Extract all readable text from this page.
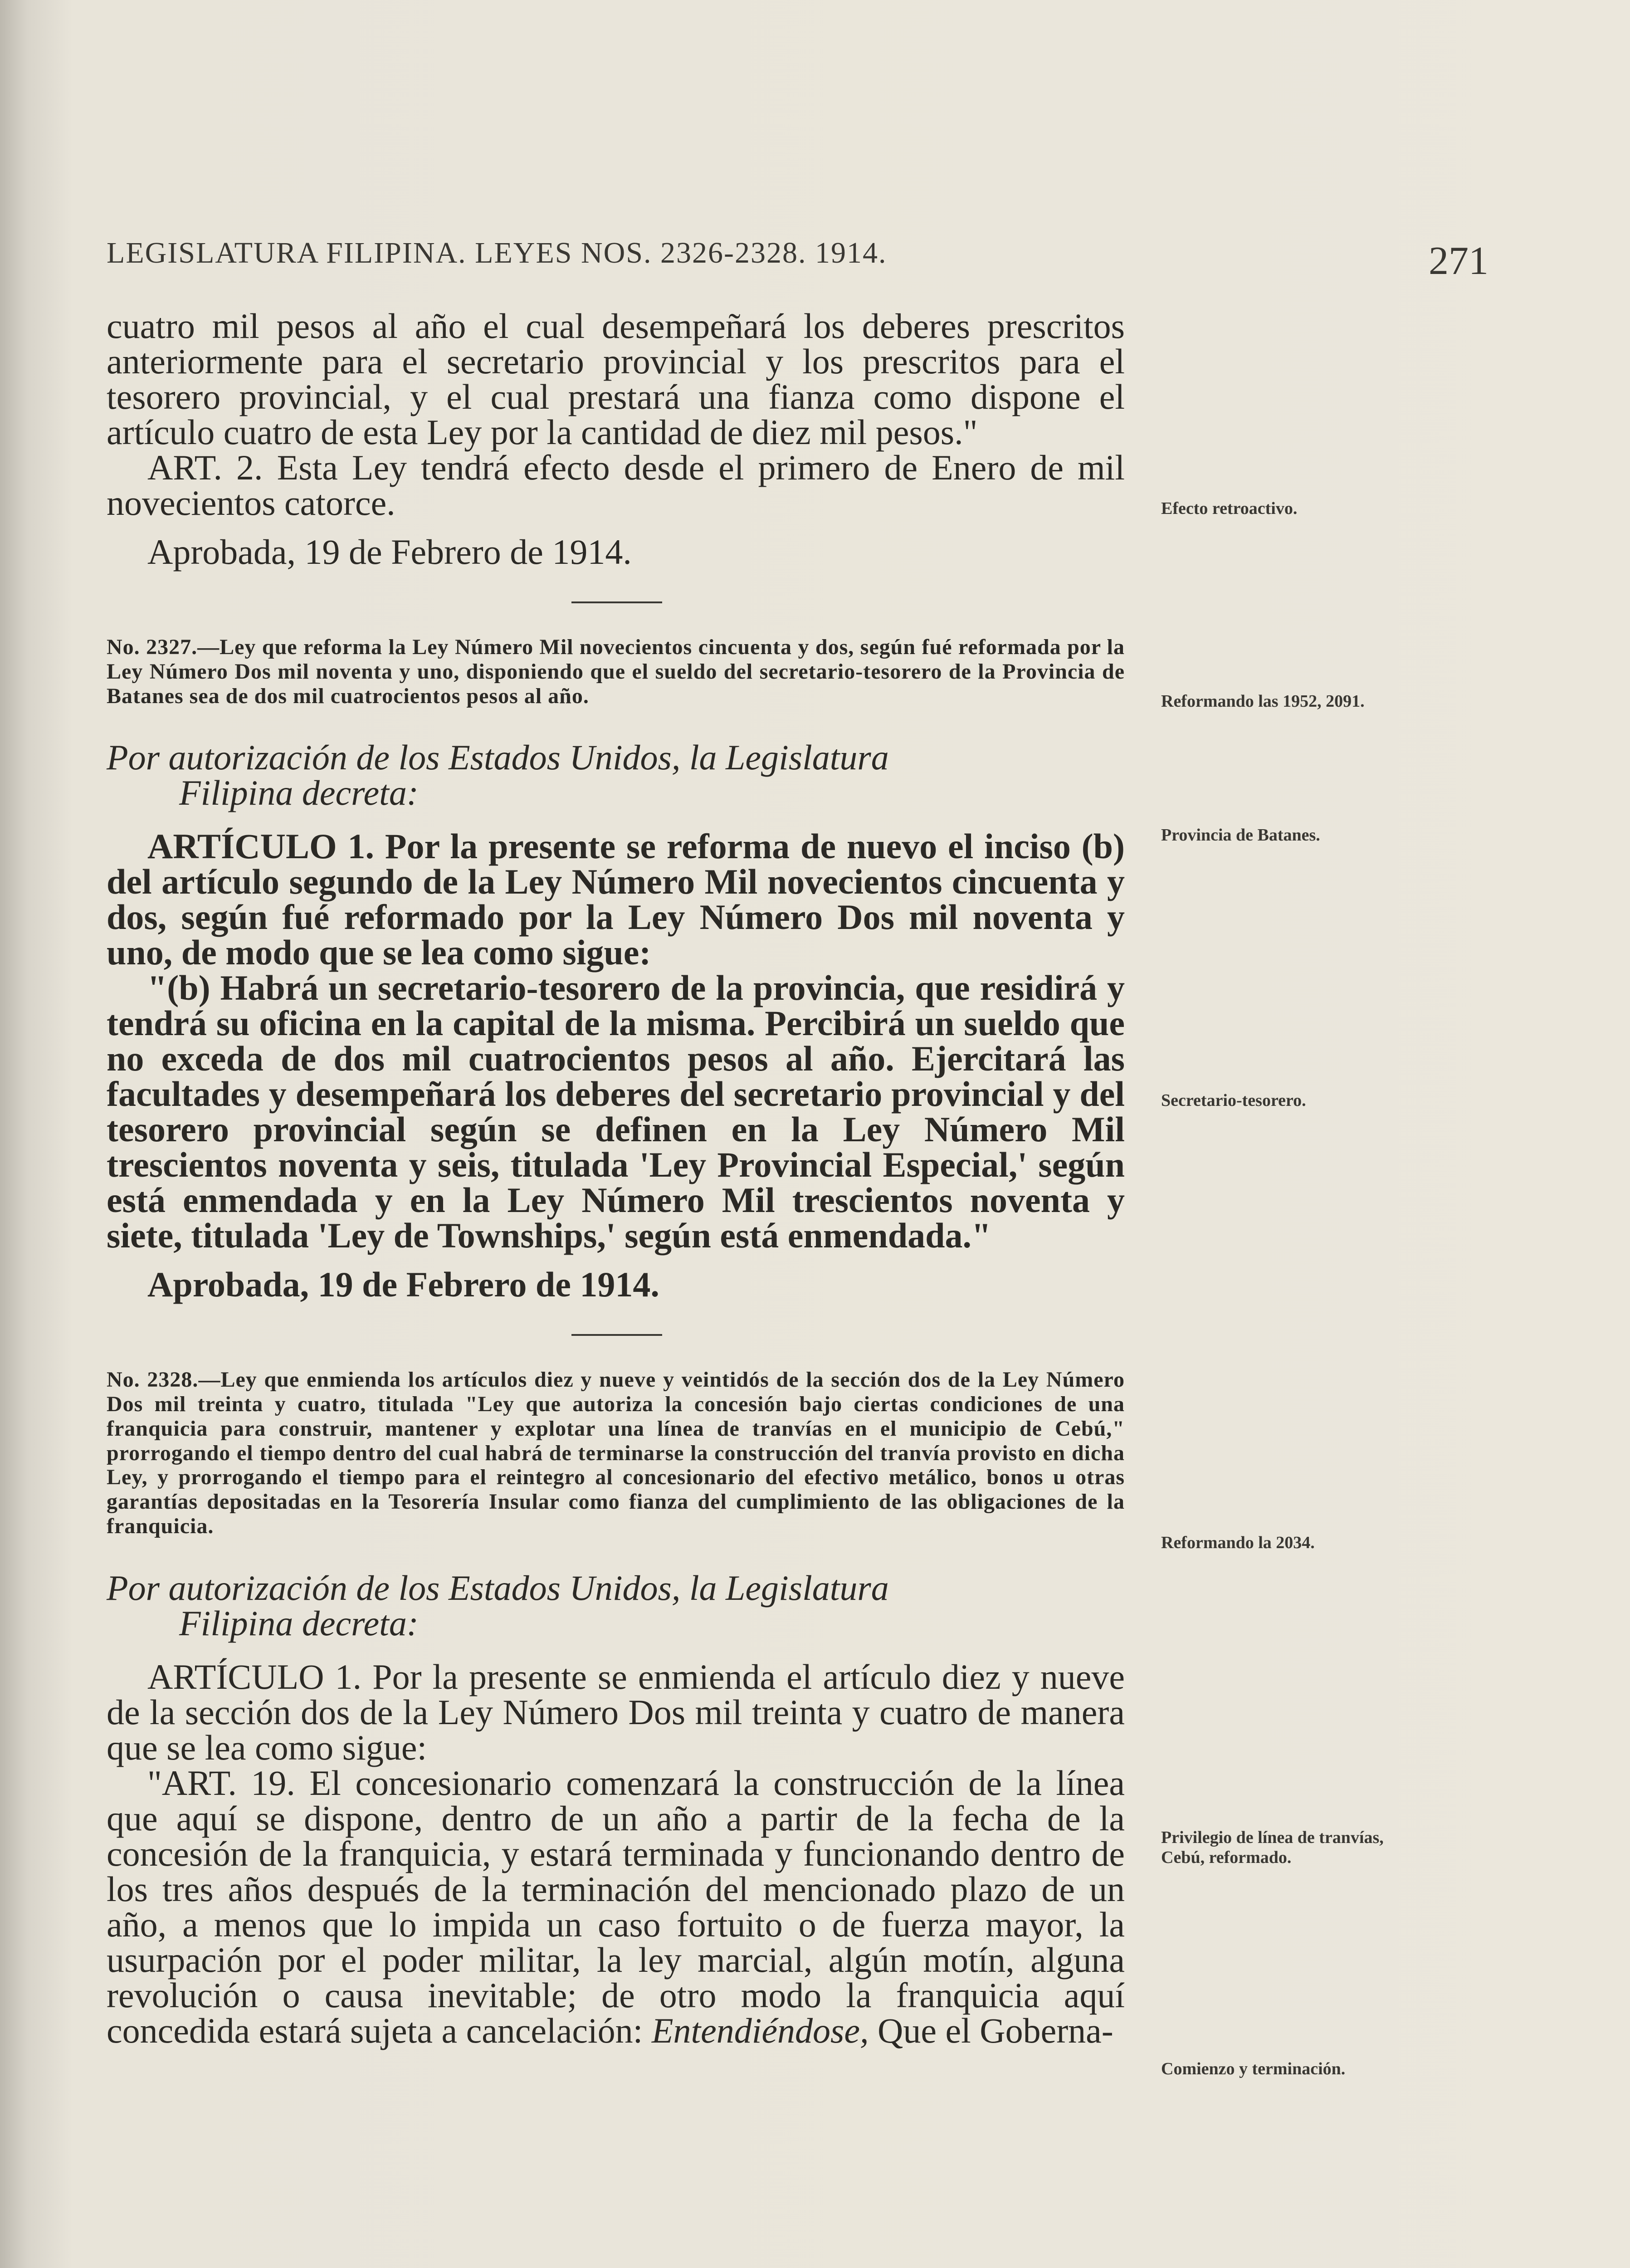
LEGISLATURA FILIPINA. LEYES NOS. 2326-2328. 1914.	271

cuatro mil pesos al año el cual desempeñará los deberes prescritos anteriormente para el secretario provincial y los prescritos para el tesorero provincial, y el cual prestará una fianza como dispone el artículo cuatro de esta Ley por la cantidad de diez mil pesos."

ART. 2. Esta Ley tendrá efecto desde el primero de Enero de mil novecientos catorce.

Aprobada, 19 de Febrero de 1914.

No. 2327.—Ley que reforma la Ley Número Mil novecientos cincuenta y dos, según fué reformada por la Ley Número Dos mil noventa y uno, disponiendo que el sueldo del secretario-tesorero de la Provincia de Batanes sea de dos mil cuatrocientos pesos al año.

Por autorización de los Estados Unidos, la Legislatura
Filipina decreta:

ARTÍCULO 1. Por la presente se reforma de nuevo el inciso (b) del artículo segundo de la Ley Número Mil novecientos cincuenta y dos, según fué reformado por la Ley Número Dos mil noventa y uno, de modo que se lea como sigue:

"(b) Habrá un secretario-tesorero de la provincia, que residirá y tendrá su oficina en la capital de la misma. Percibirá un sueldo que no exceda de dos mil cuatrocientos pesos al año. Ejercitará las facultades y desempeñará los deberes del secretario provincial y del tesorero provincial según se definen en la Ley Número Mil trescientos noventa y seis, titulada 'Ley Provincial Especial,' según está enmendada y en la Ley Número Mil trescientos noventa y siete, titulada 'Ley de Townships,' según está enmendada."

Aprobada, 19 de Febrero de 1914.

No. 2328.—Ley que enmienda los artículos diez y nueve y veintidós de la sección dos de la Ley Número Dos mil treinta y cuatro, titulada "Ley que autoriza la concesión bajo ciertas condiciones de una franquicia para construir, mantener y explotar una línea de tranvías en el municipio de Cebú," prorrogando el tiempo dentro del cual habrá de terminarse la construcción del tranvía provisto en dicha Ley, y prorrogando el tiempo para el reintegro al concesionario del efectivo metálico, bonos u otras garantías depositadas en la Tesorería Insular como fianza del cumplimiento de las obligaciones de la franquicia.

Por autorización de los Estados Unidos, la Legislatura
Filipina decreta:

ARTÍCULO 1. Por la presente se enmienda el artículo diez y nueve de la sección dos de la Ley Número Dos mil treinta y cuatro de manera que se lea como sigue:

"ART. 19. El concesionario comenzará la construcción de la línea que aquí se dispone, dentro de un año a partir de la fecha de la concesión de la franquicia, y estará terminada y funcionando dentro de los tres años después de la terminación del mencionado plazo de un año, a menos que lo impida un caso fortuito o de fuerza mayor, la usurpación por el poder militar, la ley marcial, algún motín, alguna revolución o causa inevitable; de otro modo la franquicia aquí concedida estará sujeta a cancelación: Entendiéndose, Que el Goberna-

Efecto retroactivo.
Reformando las 1952, 2091.
Provincia de Batanes.
Secretario-tesorero.
Reformando la 2034.
Privilegio de línea de tranvías, Cebú, reformado.
Comienzo y terminación.
